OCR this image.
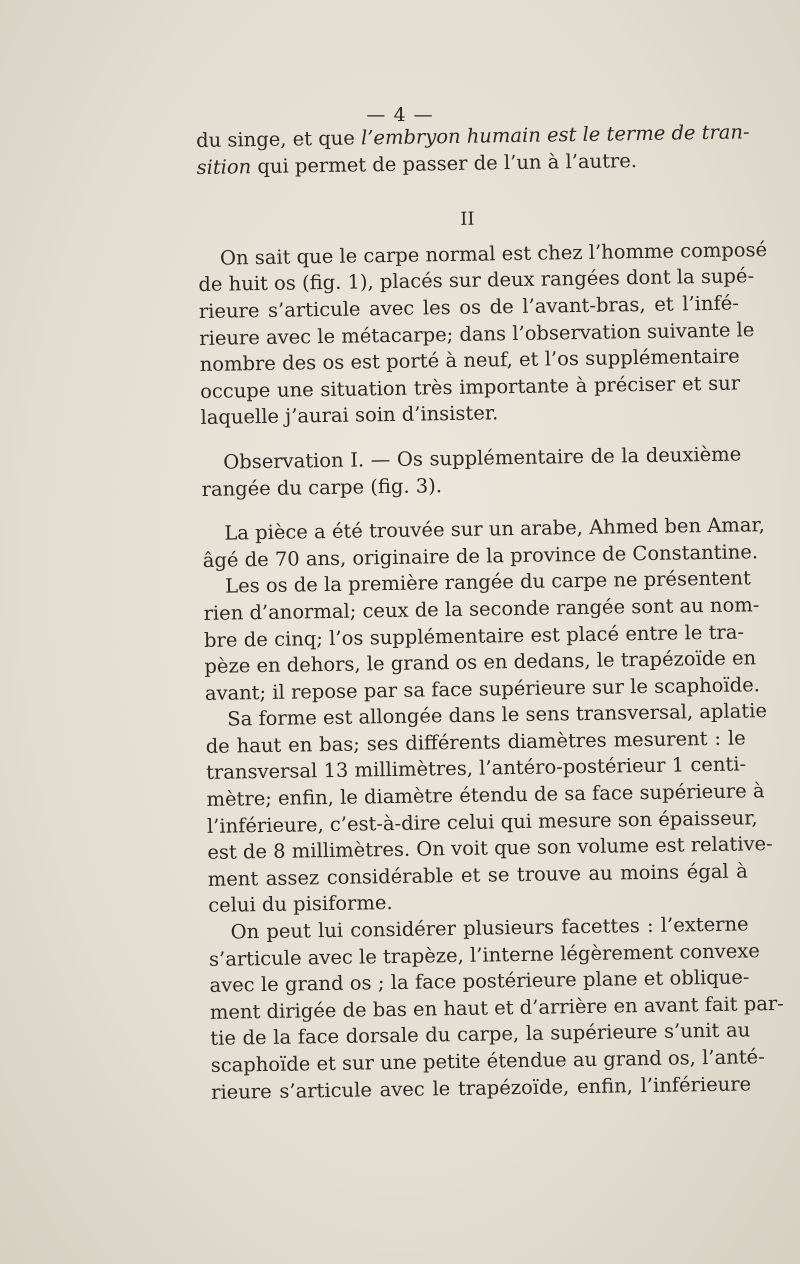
— 4 —
du singe, et que l’embryon humain est le terme de tran-
sition qui permet de passer de l’un à l’autre.
II
On sait que le carpe normal est chez l’homme composé
de huit os (fig. 1), placés sur deux rangées dont la supé-
rieure s’articule avec les os de l’avant-bras, et l’infé-
rieure avec le métacarpe; dans l’observation suivante le
nombre des os est porté à neuf, et l’os supplémentaire
occupe une situation très importante à préciser et sur
laquelle j’aurai soin d’insister.
Observation I. — Os supplémentaire de la deuxième
rangée du carpe (fig. 3).
La pièce a été trouvée sur un arabe, Ahmed ben Amar,
âgé de 70 ans, originaire de la province de Constantine.
Les os de la première rangée du carpe ne présentent
rien d’anormal; ceux de la seconde rangée sont au nom-
bre de cinq; l’os supplémentaire est placé entre le tra-
pèze en dehors, le grand os en dedans, le trapézoïde en
avant; il repose par sa face supérieure sur le scaphoïde.
Sa forme est allongée dans le sens transversal, aplatie
de haut en bas; ses différents diamètres mesurent : le
transversal 13 millimètres, l’antéro-postérieur 1 centi-
mètre; enfin, le diamètre étendu de sa face supérieure à
l’inférieure, c’est-à-dire celui qui mesure son épaisseur,
est de 8 millimètres. On voit que son volume est relative-
ment assez considérable et se trouve au moins égal à
celui du pisiforme.
On peut lui considérer plusieurs facettes : l’externe
s’articule avec le trapèze, l’interne légèrement convexe
avec le grand os ; la face postérieure plane et oblique-
ment dirigée de bas en haut et d’arrière en avant fait par-
tie de la face dorsale du carpe, la supérieure s’unit au
scaphoïde et sur une petite étendue au grand os, l’anté-
rieure s’articule avec le trapézoïde, enfin, l’inférieure
